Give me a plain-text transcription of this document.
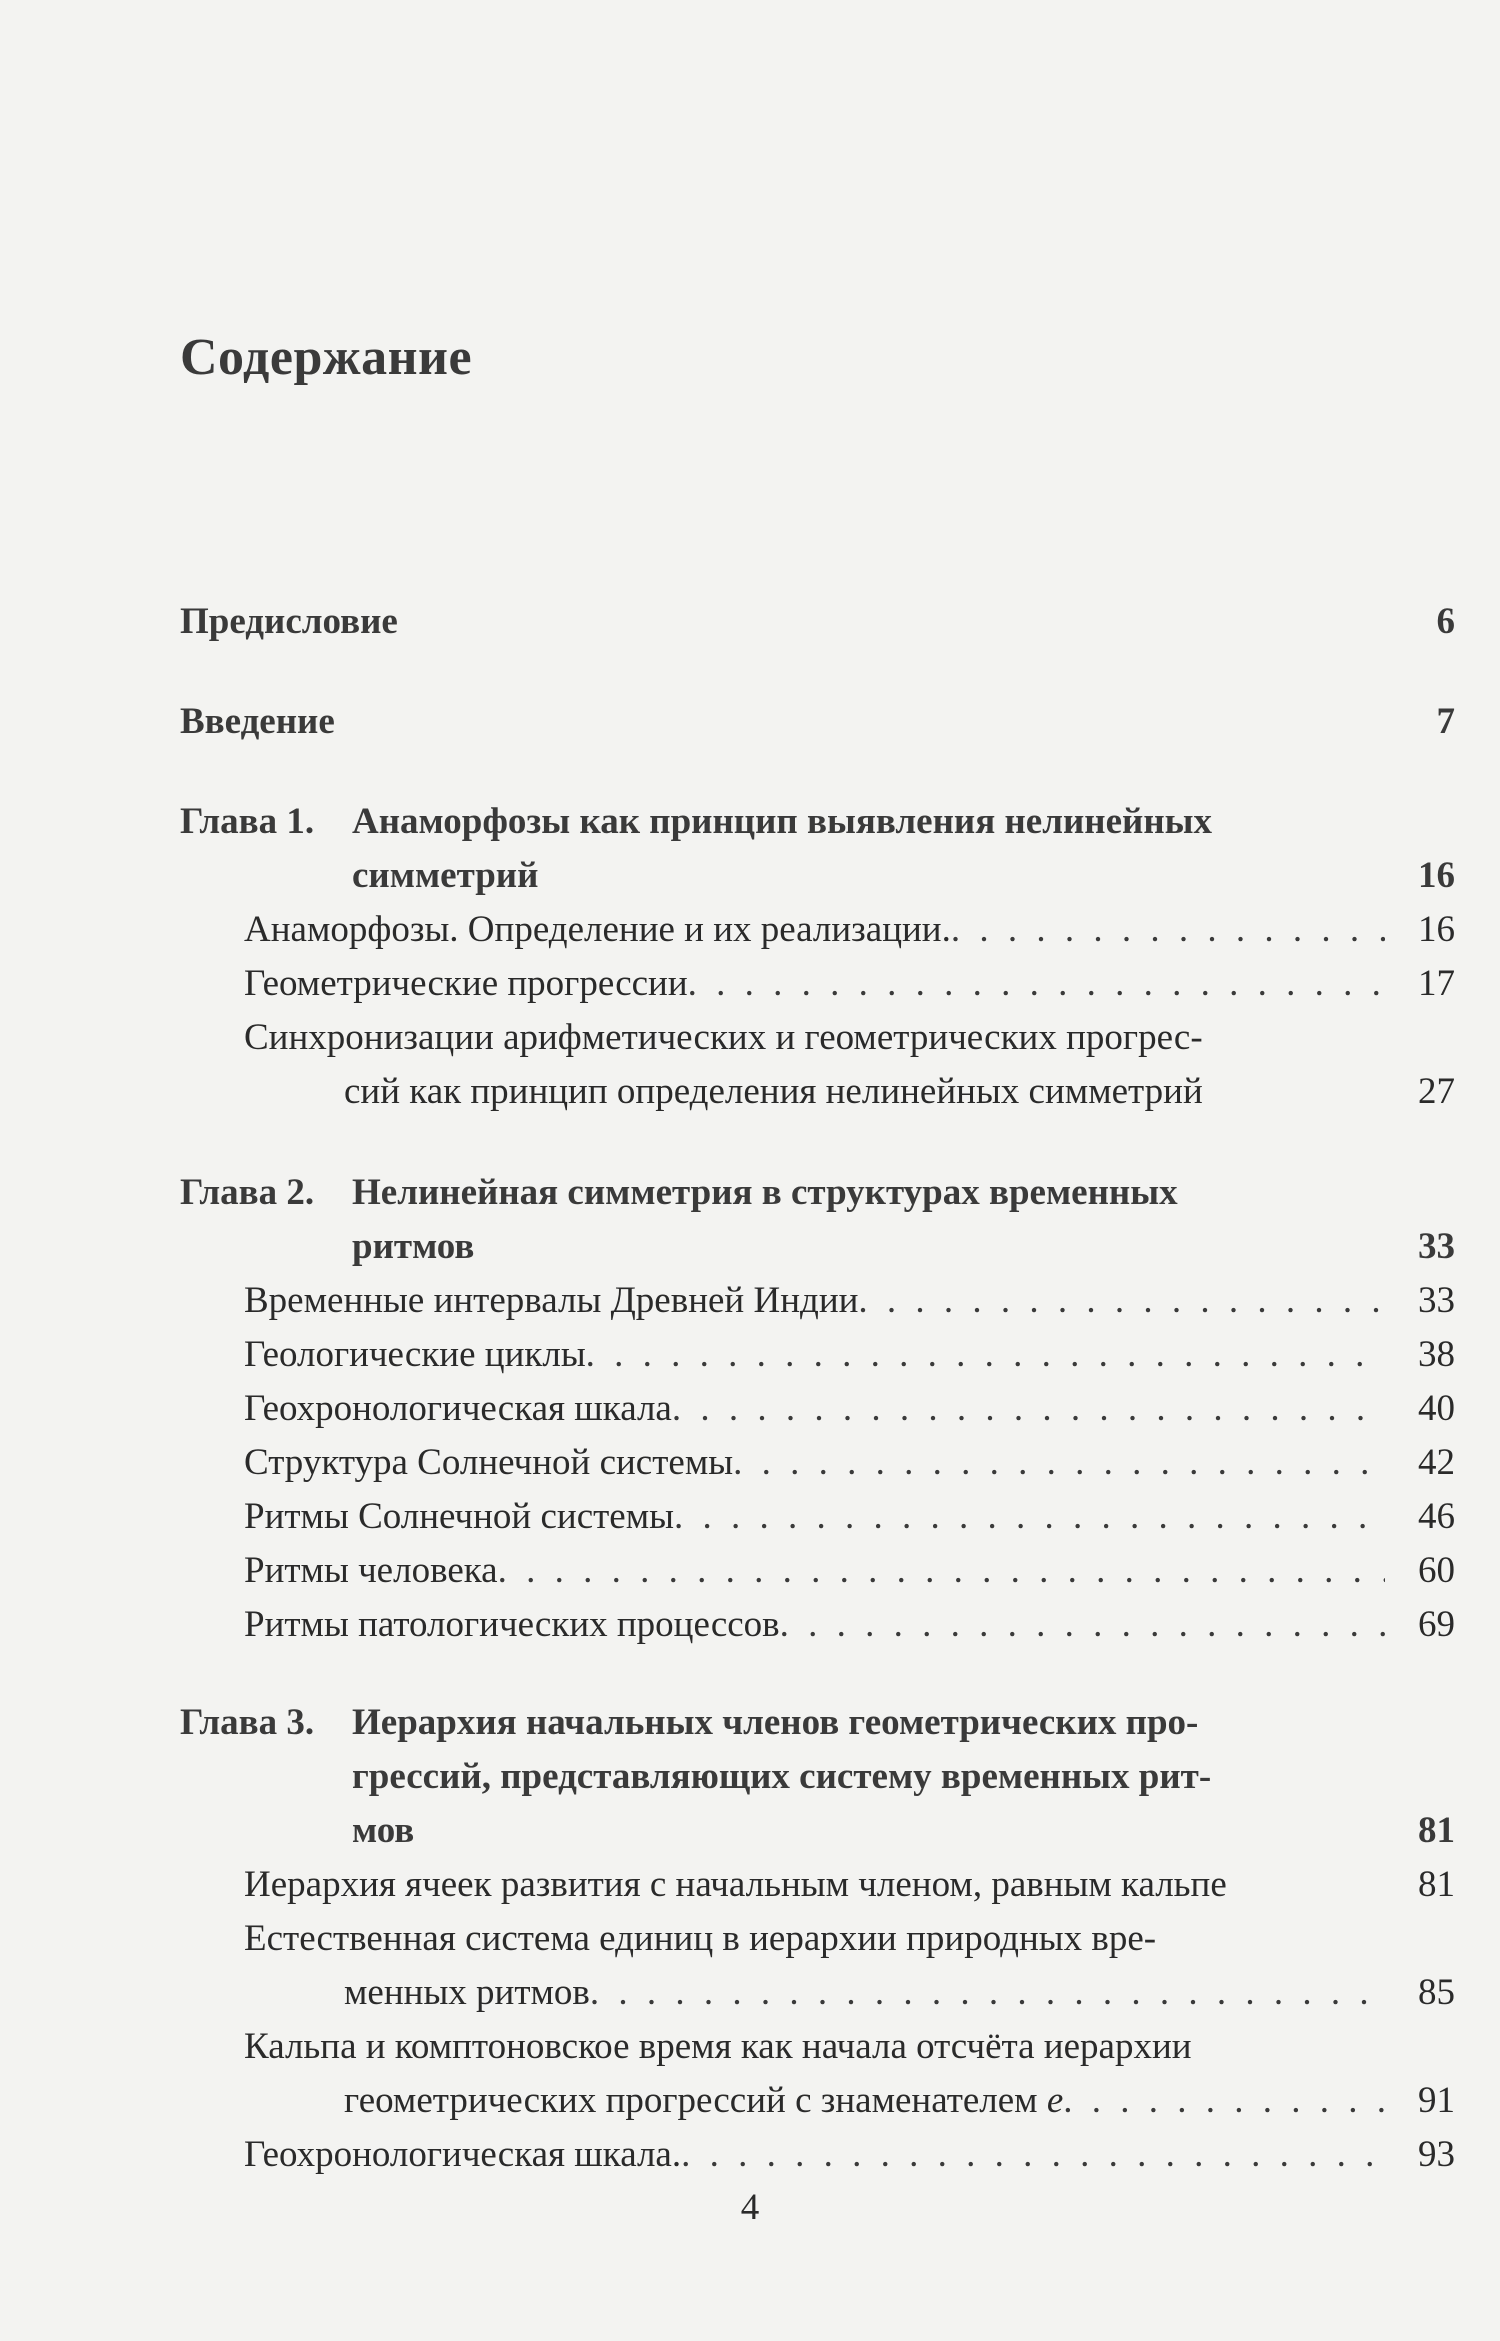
Содержание
Предисловие	6
Введение	7
Глава 1. Анаморфозы как принцип выявления нелинейных
симметрий	16
Анаморфозы. Определение и их реализации. . . .	16
Геометрические прогрессии . . .	17
Синхронизации арифметических и геометрических прогрес-
сий как принцип определения нелинейных симметрий	27
Глава 2. Нелинейная симметрия в структурах временных
ритмов	33
Временные интервалы Древней Индии . . .	33
Геологические циклы . . .	38
Геохронологическая шкала . . .	40
Структура Солнечной системы . . .	42
Ритмы Солнечной системы . . .	46
Ритмы человека . . .	60
Ритмы патологических процессов . . .	69
Глава 3. Иерархия начальных членов геометрических про-
грессий, представляющих систему временных рит-
мов	81
Иерархия ячеек развития с начальным членом, равным кальпе	81
Естественная система единиц в иерархии природных вре-
менных ритмов . . .	85
Кальпа и комптоновское время как начала отсчёта иерархии
геометрических прогрессий с знаменателем e . . .	91
Геохронологическая шкала. . . .	93
4
